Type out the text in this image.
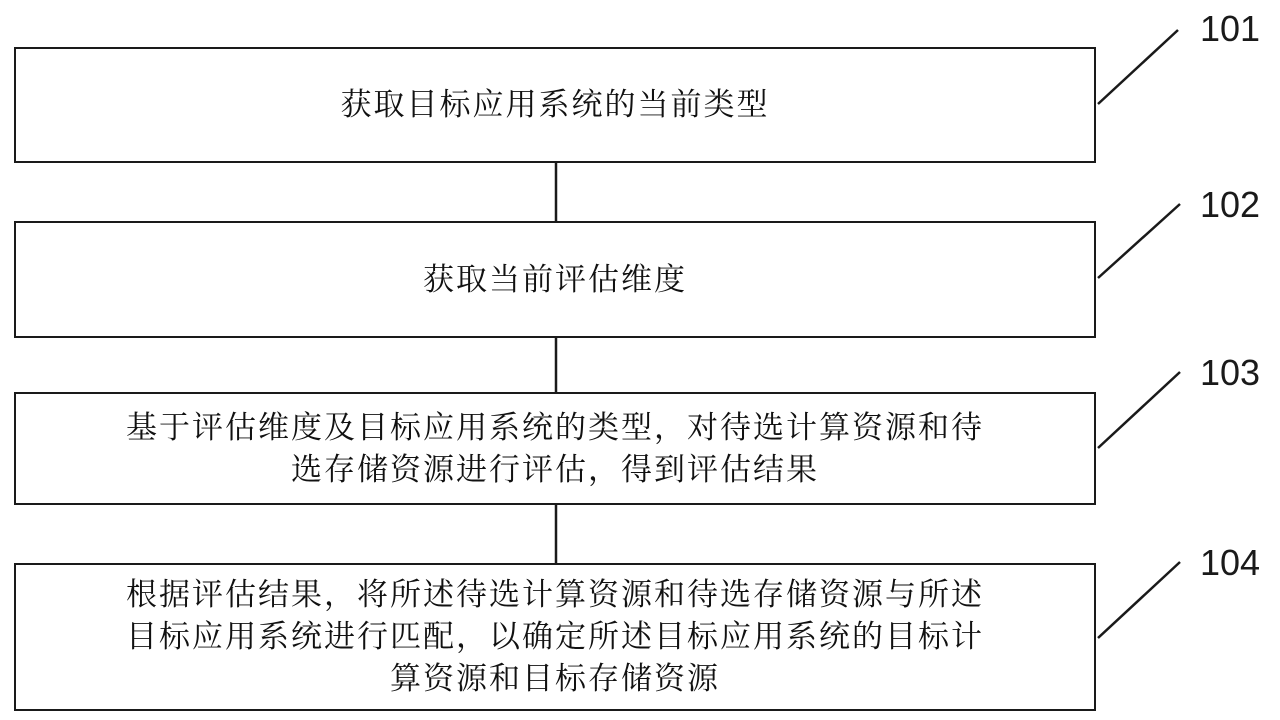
获取目标应用系统的当前类型
101
获取当前评估维度
102
基于评估维度及目标应用系统的类型，对待选计算资源和待
选存储资源进行评估，得到评估结果
103
根据评估结果，将所述待选计算资源和待选存储资源与所述
目标应用系统进行匹配，以确定所述目标应用系统的目标计
算资源和目标存储资源
104
